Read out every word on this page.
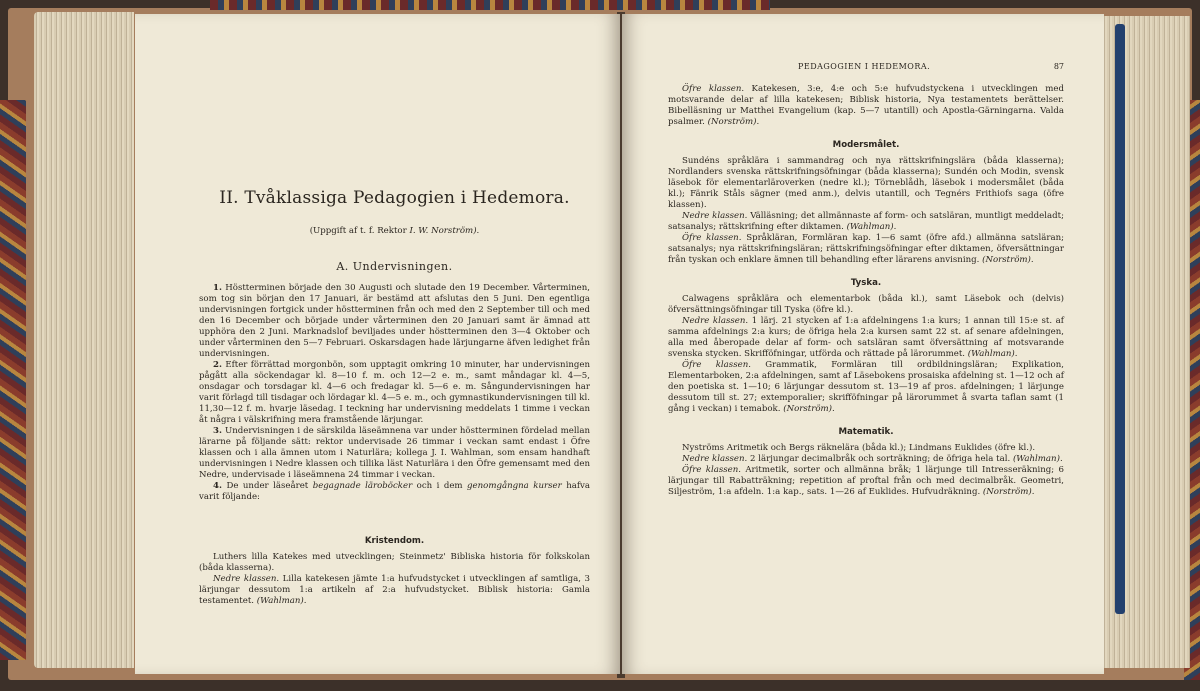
II. Tvåklassiga Pedagogien i Hedemora.
(Uppgift af t. f. Rektor I. W. Norström).
A. Undervisningen.

1. Höstterminen började den 30 Augusti och slutade den 19 December. Vårterminen, som tog sin början den 17 Januari, är bestämd att afslutas den 5 Juni. Den egentliga undervisningen fortgick under höstterminen från och med den 2 September till och med den 16 December och började under vårterminen den 20 Januari samt är ämnad att upphöra den 2 Juni. Marknadslof beviljades under höstterminen den 3—4 Oktober och under vårterminen den 5—7 Februari. Oskarsdagen hade lärjungarne äfven ledighet från undervisningen.

2. Efter förrättad morgonbön, som upptagit omkring 10 minuter, har undervisningen pågått alla söckendagar kl. 8—10 f. m. och 12—2 e. m., samt måndagar kl. 4—5, onsdagar och torsdagar kl. 4—6 och fredagar kl. 5—6 e. m. Sångundervisningen har varit förlagd till tisdagar och lördagar kl. 4—5 e. m., och gymnastikundervisningen till kl. 11,30—12 f. m. hvarje läsedag. I teckning har undervisning meddelats 1 timme i veckan åt några i välskrifning mera framstående lärjungar.

3. Undervisningen i de särskilda läseämnena var under höstterminen fördelad mellan lärarne på följande sätt: rektor undervisade 26 timmar i veckan samt endast i Öfre klassen och i alla ämnen utom i Naturlära; kollega J. I. Wahlman, som ensam handhaft undervisningen i Nedre klassen och tillika läst Naturlära i den Öfre gemensamt med den Nedre, undervisade i läseämnena 24 timmar i veckan.

4. De under läseåret begagnade läroböcker och i dem genomgångna kurser hafva varit följande:

Kristendom.

Luthers lilla Katekes med utvecklingen; Steinmetz' Bibliska historia för folkskolan (båda klasserna).

Nedre klassen. Lilla katekesen jämte 1:a hufvudstycket i utvecklingen af samtliga, 3 lärjungar dessutom 1:a artikeln af 2:a hufvudstycket. Biblisk historia: Gamla testamentet. (Wahlman).

PEDAGOGIEN I HEDEMORA.	87

Öfre klassen. Katekesen, 3:e, 4:e och 5:e hufvudstyckena i utvecklingen med motsvarande delar af lilla katekesen; Biblisk historia, Nya testamentets berättelser. Bibelläsning ur Matthei Evangelium (kap. 5—7 utantill) och Apostla-Gärningarna. Valda psalmer. (Norström).

Modersmålet.

Sundéns språklära i sammandrag och nya rättskrifningslära (båda klasserna); Nordlanders svenska rättskrifningsöfningar (båda klasserna); Sundén och Modin, svensk läsebok för elementarläroverken (nedre kl.); Törneblådh, läsebok i modersmålet (båda kl.); Fänrik Ståls sägner (med anm.), delvis utantill, och Tegnérs Frithiofs saga (öfre klassen).

Nedre klassen. Välläsning; det allmännaste af form- och satsläran, muntligt meddeladt; satsanalys; rättskrifning efter diktamen. (Wahlman).

Öfre klassen. Språkläran, Formläran kap. 1—6 samt (öfre afd.) allmänna satsläran; satsanalys; nya rättskrifningsläran; rättskrifningsöfningar efter diktamen, öfversättningar från tyskan och enklare ämnen till behandling efter lärarens anvisning. (Norström).

Tyska.

Calwagens språklära och elementarbok (båda kl.), samt Läsebok och (delvis) öfversättningsöfningar till Tyska (öfre kl.).

Nedre klassen. 1 lärj. 21 stycken af 1:a afdelningens 1:a kurs; 1 annan till 15:e st. af samma afdelnings 2:a kurs; de öfriga hela 2:a kursen samt 22 st. af senare afdelningen, alla med åberopade delar af form- och satsläran samt öfversättning af motsvarande svenska stycken. Skrifföfningar, utförda och rättade på lärorummet. (Wahlman).

Öfre klassen. Grammatik, Formläran till ordbildningsläran; Explikation, Elementarboken, 2:a afdelningen, samt af Läsebokens prosaiska afdelning st. 1—12 och af den poetiska st. 1—10; 6 lärjungar dessutom st. 13—19 af pros. afdelningen; 1 lärjunge dessutom till st. 27; extemporalier; skrifföfningar på lärorummet å svarta taflan samt (1 gång i veckan) i temabok. (Norström).

Matematik.

Nyströms Aritmetik och Bergs räknelära (båda kl.); Lindmans Euklides (öfre kl.).

Nedre klassen. 2 lärjungar decimalbråk och sorträkning; de öfriga hela tal. (Wahlman).

Öfre klassen. Aritmetik, sorter och allmänna bråk; 1 lärjunge till Intresseräkning; 6 lärjungar till Rabatträkning; repetition af proftal från och med decimalbråk. Geometri, Siljeström, 1:a afdeln. 1:a kap., sats. 1—26 af Euklides. Hufvudräkning. (Norström).
